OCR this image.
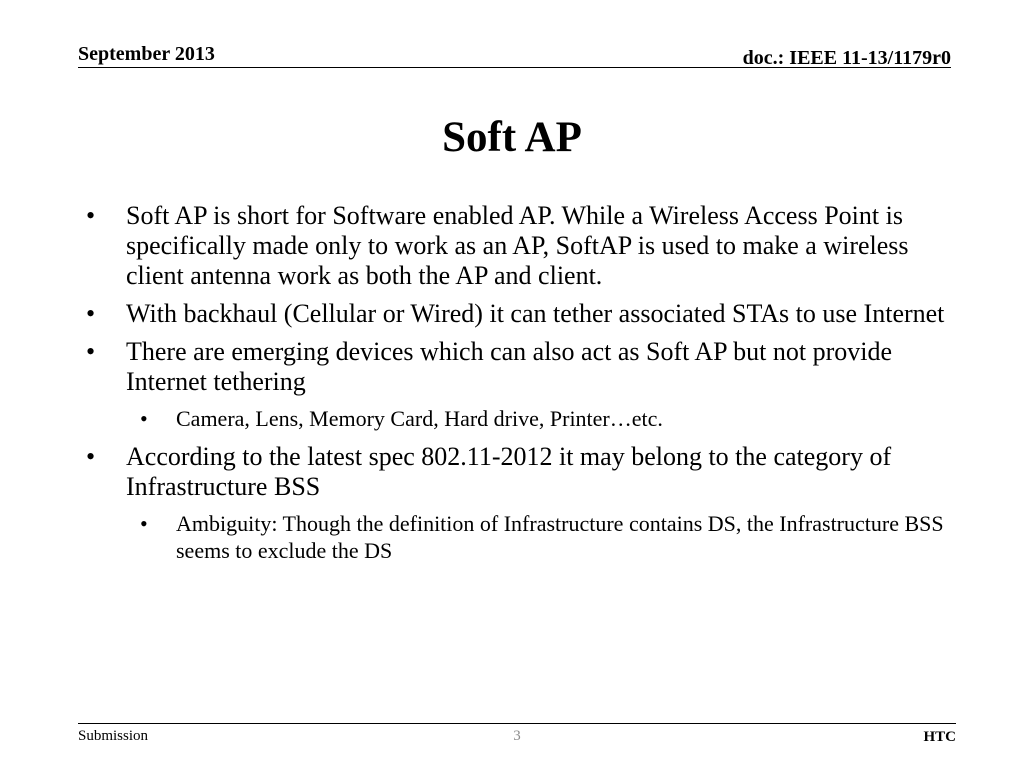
September 2013	doc.: IEEE 11-13/1179r0
Soft AP
• Soft AP is short for Software enabled AP. While a Wireless Access Point is specifically made only to work as an AP, SoftAP is used to make a wireless client antenna work as both the AP and client.
• With backhaul (Cellular or Wired) it can tether associated STAs to use Internet
• There are emerging devices which can also act as Soft AP but not provide Internet tethering
• Camera, Lens, Memory Card, Hard drive, Printer…etc.
• According to the latest spec 802.11-2012 it may belong to the category of Infrastructure BSS
• Ambiguity: Though the definition of Infrastructure contains DS, the Infrastructure BSS seems to exclude the DS
Submission	3	HTC
